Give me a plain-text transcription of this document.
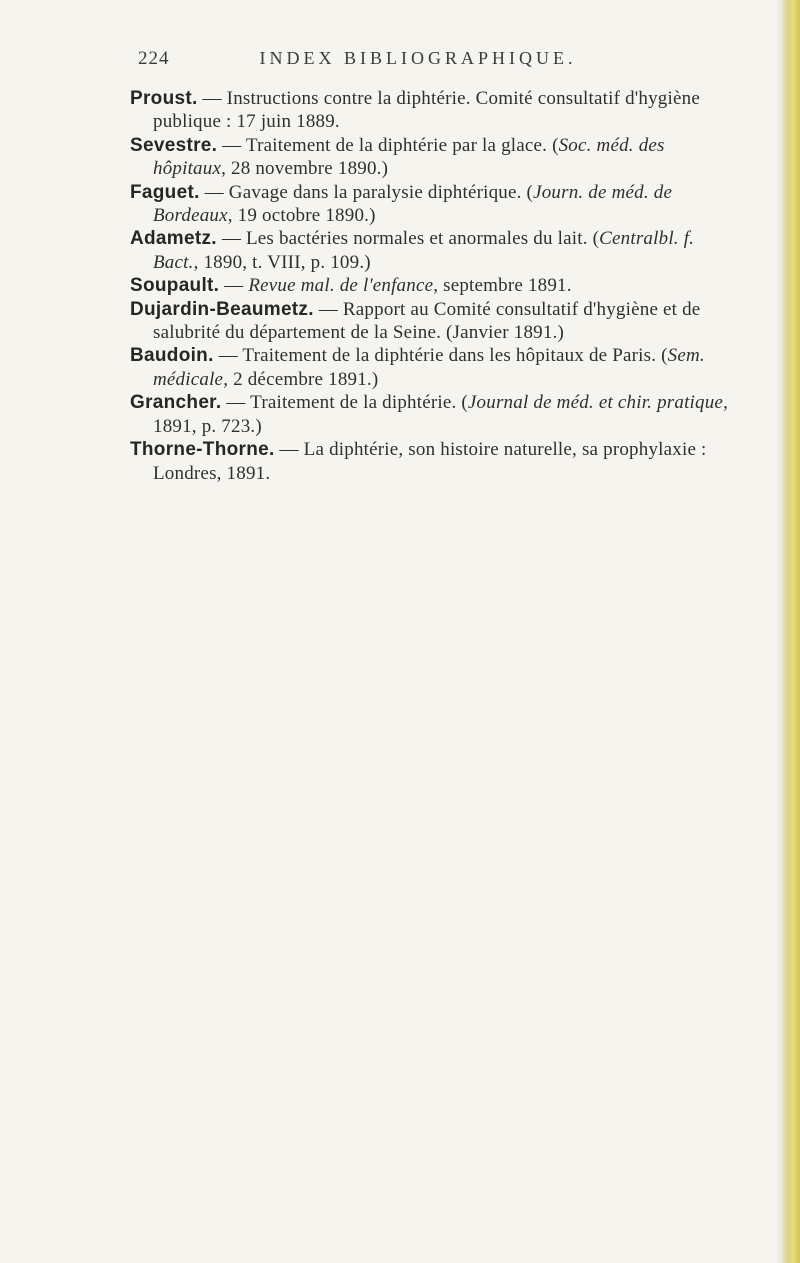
224	INDEX BIBLIOGRAPHIQUE.

Proust. — Instructions contre la diphtérie. Comité consultatif d'hygiène publique : 17 juin 1889.

Sevestre. — Traitement de la diphtérie par la glace. (Soc. méd. des hôpitaux, 28 novembre 1890.)

Faguet. — Gavage dans la paralysie diphtérique. (Journ. de méd. de Bordeaux, 19 octobre 1890.)

Adametz. — Les bactéries normales et anormales du lait. (Centralbl. f. Bact., 1890, t. VIII, p. 109.)

Soupault. — Revue mal. de l'enfance, septembre 1891.

Dujardin-Beaumetz. — Rapport au Comité consultatif d'hygiène et de salubrité du département de la Seine. (Janvier 1891.)

Baudoin. — Traitement de la diphtérie dans les hôpitaux de Paris. (Sem. médicale, 2 décembre 1891.)

Grancher. — Traitement de la diphtérie. (Journal de méd. et chir. pratique, 1891, p. 723.)

Thorne-Thorne. — La diphtérie, son histoire naturelle, sa prophylaxie : Londres, 1891.
